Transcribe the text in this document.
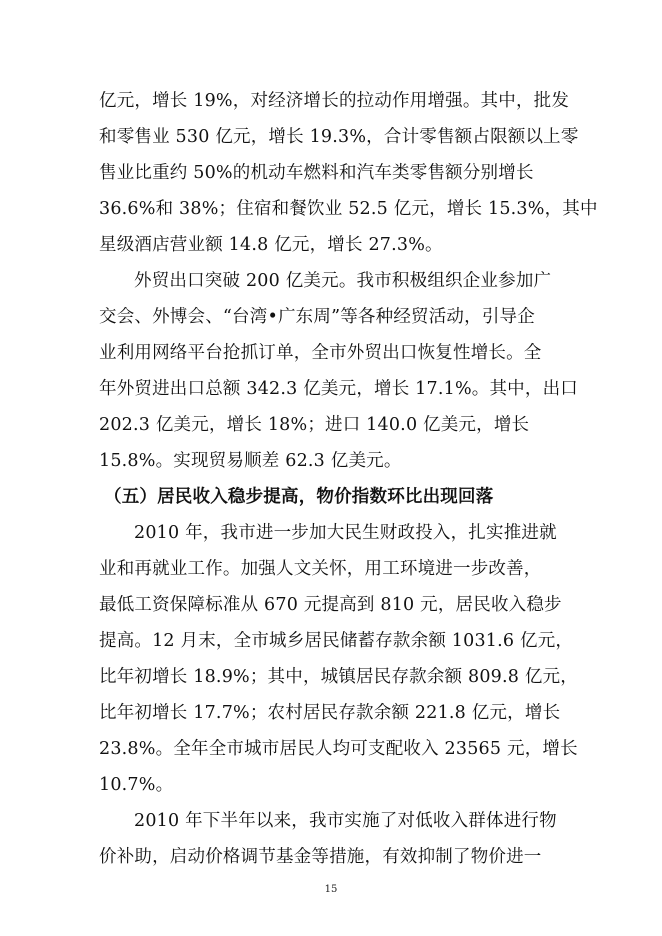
亿元，增长 19%，对经济增长的拉动作用增强。其中，批发
和零售业 530 亿元，增长 19.3%，合计零售额占限额以上零
售业比重约 50%的机动车燃料和汽车类零售额分别增长
36.6%和 38%；住宿和餐饮业 52.5 亿元，增长 15.3%，其中
星级酒店营业额 14.8 亿元，增长 27.3%。
外贸出口突破 200 亿美元。我市积极组织企业参加广
交会、外博会、“台湾•广东周”等各种经贸活动，引导企
业利用网络平台抢抓订单，全市外贸出口恢复性增长。全
年外贸进出口总额 342.3 亿美元，增长 17.1%。其中，出口
202.3 亿美元，增长 18%；进口 140.0 亿美元，增长
15.8%。实现贸易顺差 62.3 亿美元。
（五）居民收入稳步提高，物价指数环比出现回落
2010 年，我市进一步加大民生财政投入，扎实推进就
业和再就业工作。加强人文关怀，用工环境进一步改善，
最低工资保障标准从 670 元提高到 810 元，居民收入稳步
提高。12 月末，全市城乡居民储蓄存款余额 1031.6 亿元，
比年初增长 18.9%；其中，城镇居民存款余额 809.8 亿元，
比年初增长 17.7%；农村居民存款余额 221.8 亿元，增长
23.8%。全年全市城市居民人均可支配收入 23565 元，增长
10.7%。
2010 年下半年以来，我市实施了对低收入群体进行物
价补助，启动价格调节基金等措施，有效抑制了物价进一
15
